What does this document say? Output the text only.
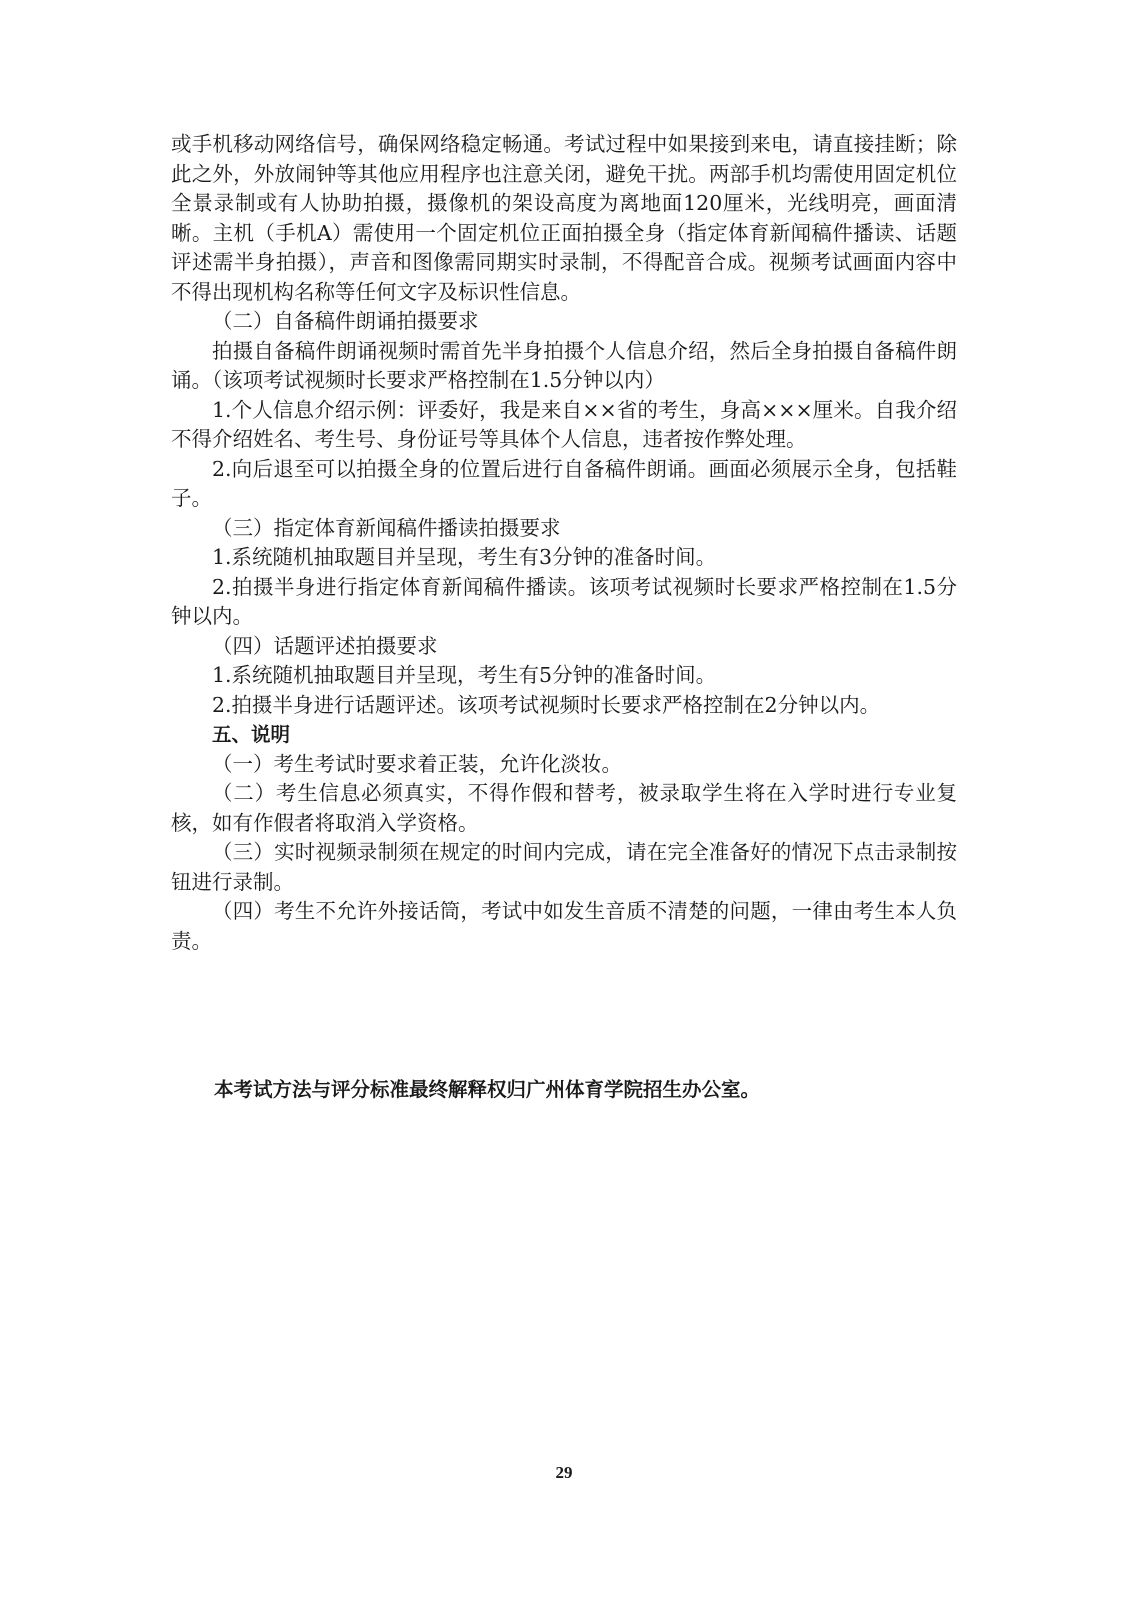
或手机移动网络信号，确保网络稳定畅通。考试过程中如果接到来电，请直接挂断；除此之外，外放闹钟等其他应用程序也注意关闭，避免干扰。两部手机均需使用固定机位全景录制或有人协助拍摄，摄像机的架设高度为离地面120厘米，光线明亮，画面清晰。主机（手机A）需使用一个固定机位正面拍摄全身（指定体育新闻稿件播读、话题评述需半身拍摄），声音和图像需同期实时录制，不得配音合成。视频考试画面内容中不得出现机构名称等任何文字及标识性信息。

（二）自备稿件朗诵拍摄要求

拍摄自备稿件朗诵视频时需首先半身拍摄个人信息介绍，然后全身拍摄自备稿件朗诵。（该项考试视频时长要求严格控制在1.5分钟以内）

1.个人信息介绍示例：评委好，我是来自××省的考生，身高×××厘米。自我介绍不得介绍姓名、考生号、身份证号等具体个人信息，违者按作弊处理。

2.向后退至可以拍摄全身的位置后进行自备稿件朗诵。画面必须展示全身，包括鞋子。

（三）指定体育新闻稿件播读拍摄要求

1.系统随机抽取题目并呈现，考生有3分钟的准备时间。

2.拍摄半身进行指定体育新闻稿件播读。该项考试视频时长要求严格控制在1.5分钟以内。

（四）话题评述拍摄要求

1.系统随机抽取题目并呈现，考生有5分钟的准备时间。

2.拍摄半身进行话题评述。该项考试视频时长要求严格控制在2分钟以内。

五、说明

（一）考生考试时要求着正装，允许化淡妆。

（二）考生信息必须真实，不得作假和替考，被录取学生将在入学时进行专业复核，如有作假者将取消入学资格。

（三）实时视频录制须在规定的时间内完成，请在完全准备好的情况下点击录制按钮进行录制。

（四）考生不允许外接话筒，考试中如发生音质不清楚的问题，一律由考生本人负责。

本考试方法与评分标准最终解释权归广州体育学院招生办公室。
29
